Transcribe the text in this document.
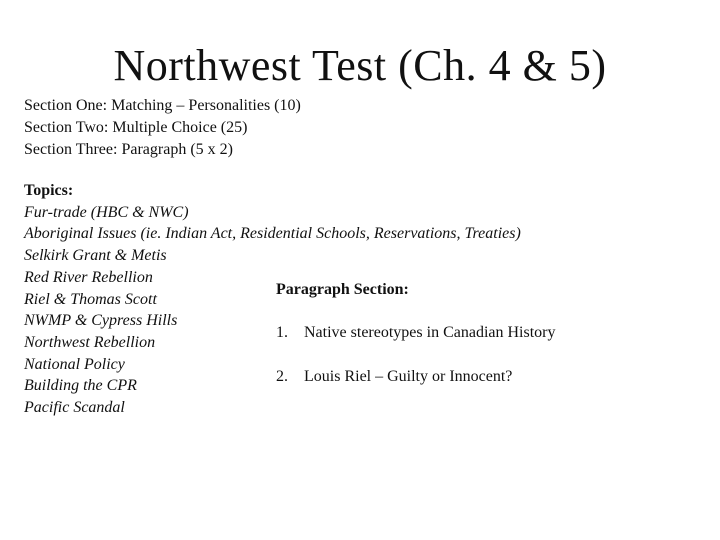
Northwest Test (Ch. 4 & 5)
Section One: Matching – Personalities (10)
Section Two: Multiple Choice (25)
Section Three: Paragraph (5 x 2)
Topics:
Fur-trade (HBC & NWC)
Aboriginal Issues (ie. Indian Act, Residential Schools, Reservations, Treaties)
Selkirk Grant & Metis
Red River Rebellion
Riel & Thomas Scott
NWMP & Cypress Hills
Northwest Rebellion
National Policy
Building the CPR
Pacific Scandal
Paragraph Section:
1.	Native stereotypes in Canadian History
2.	Louis Riel – Guilty or Innocent?
